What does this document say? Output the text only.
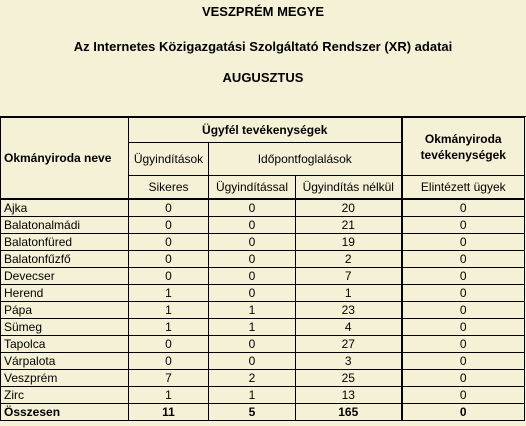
VESZPRÉM MEGYE
Az Internetes Közigazgatási Szolgáltató Rendszer (XR) adatai
AUGUSZTUS
Okmányiroda neve	Ügyfél tevékenységek			Okmányiroda tevékenységek
	Ügyindítások	Időpontfoglalások		
	Sikeres	Ügyindítással	Ügyindítás nélkül	Elintézett ügyek
Ajka	0	0	20	0
Balatonalmádi	0	0	21	0
Balatonfüred	0	0	19	0
Balatonfűzfő	0	0	2	0
Devecser	0	0	7	0
Herend	1	0	1	0
Pápa	1	1	23	0
Sümeg	1	1	4	0
Tapolca	0	0	27	0
Várpalota	0	0	3	0
Veszprém	7	2	25	0
Zirc	1	1	13	0
Összesen	11	5	165	0
